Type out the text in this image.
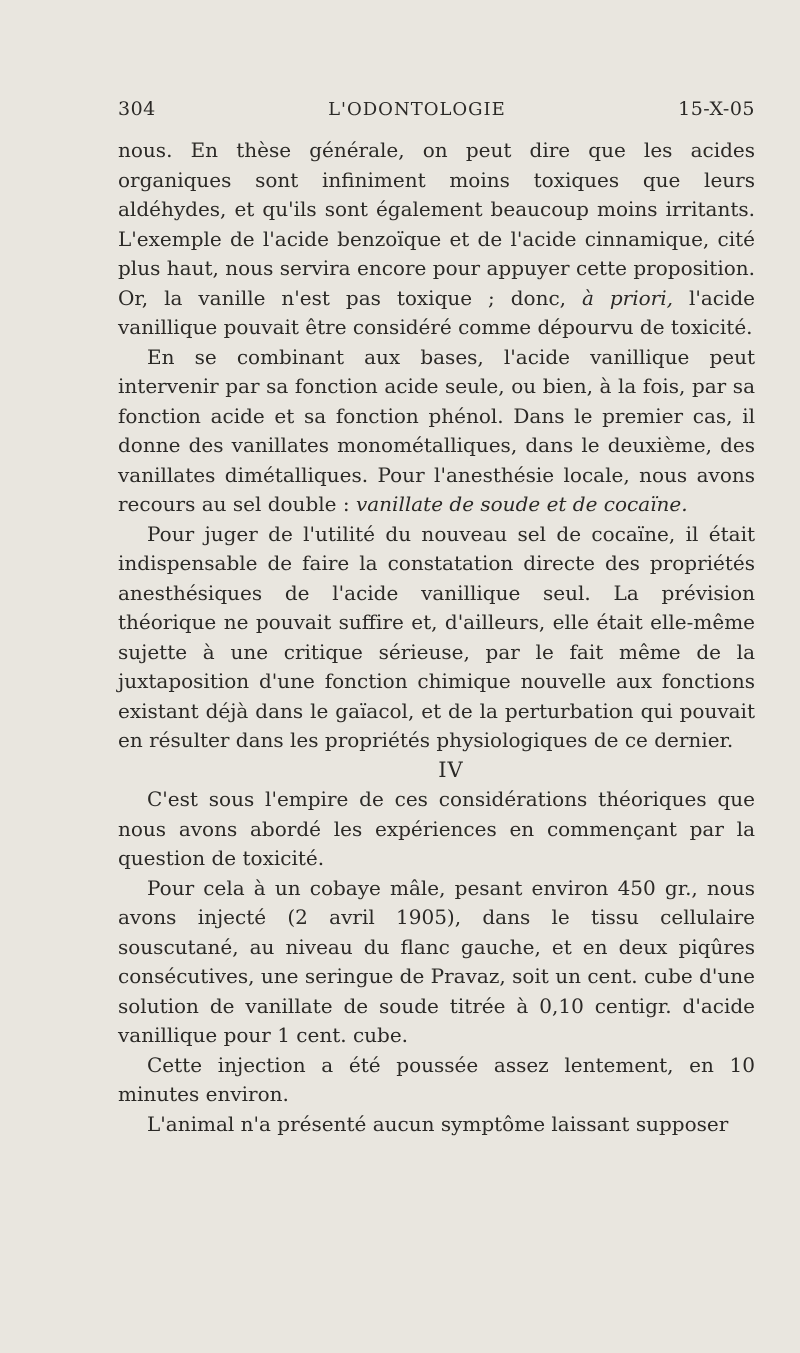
304	L'ODONTOLOGIE	15-X-05

nous. En thèse générale, on peut dire que les acides organiques sont infiniment moins toxiques que leurs aldéhydes, et qu'ils sont également beaucoup moins irritants. L'exemple de l'acide benzoïque et de l'acide cinnamique, cité plus haut, nous servira encore pour appuyer cette proposition. Or, la vanille n'est pas toxique ; donc, à priori, l'acide vanillique pouvait être considéré comme dépourvu de toxicité.

En se combinant aux bases, l'acide vanillique peut intervenir par sa fonction acide seule, ou bien, à la fois, par sa fonction acide et sa fonction phénol. Dans le premier cas, il donne des vanillates monométalliques, dans le deuxième, des vanillates dimétalliques. Pour l'anesthésie locale, nous avons recours au sel double : vanillate de soude et de cocaïne.

Pour juger de l'utilité du nouveau sel de cocaïne, il était indispensable de faire la constatation directe des propriétés anesthésiques de l'acide vanillique seul. La prévision théorique ne pouvait suffire et, d'ailleurs, elle était elle-même sujette à une critique sérieuse, par le fait même de la juxtaposition d'une fonction chimique nouvelle aux fonctions existant déjà dans le gaïacol, et de la perturbation qui pouvait en résulter dans les propriétés physiologiques de ce dernier.

IV

C'est sous l'empire de ces considérations théoriques que nous avons abordé les expériences en commençant par la question de toxicité.

Pour cela à un cobaye mâle, pesant environ 450 gr., nous avons injecté (2 avril 1905), dans le tissu cellulaire souscutané, au niveau du flanc gauche, et en deux piqûres consécutives, une seringue de Pravaz, soit un cent. cube d'une solution de vanillate de soude titrée à 0,10 centigr. d'acide vanillique pour 1 cent. cube.

Cette injection a été poussée assez lentement, en 10 minutes environ.

L'animal n'a présenté aucun symptôme laissant supposer
